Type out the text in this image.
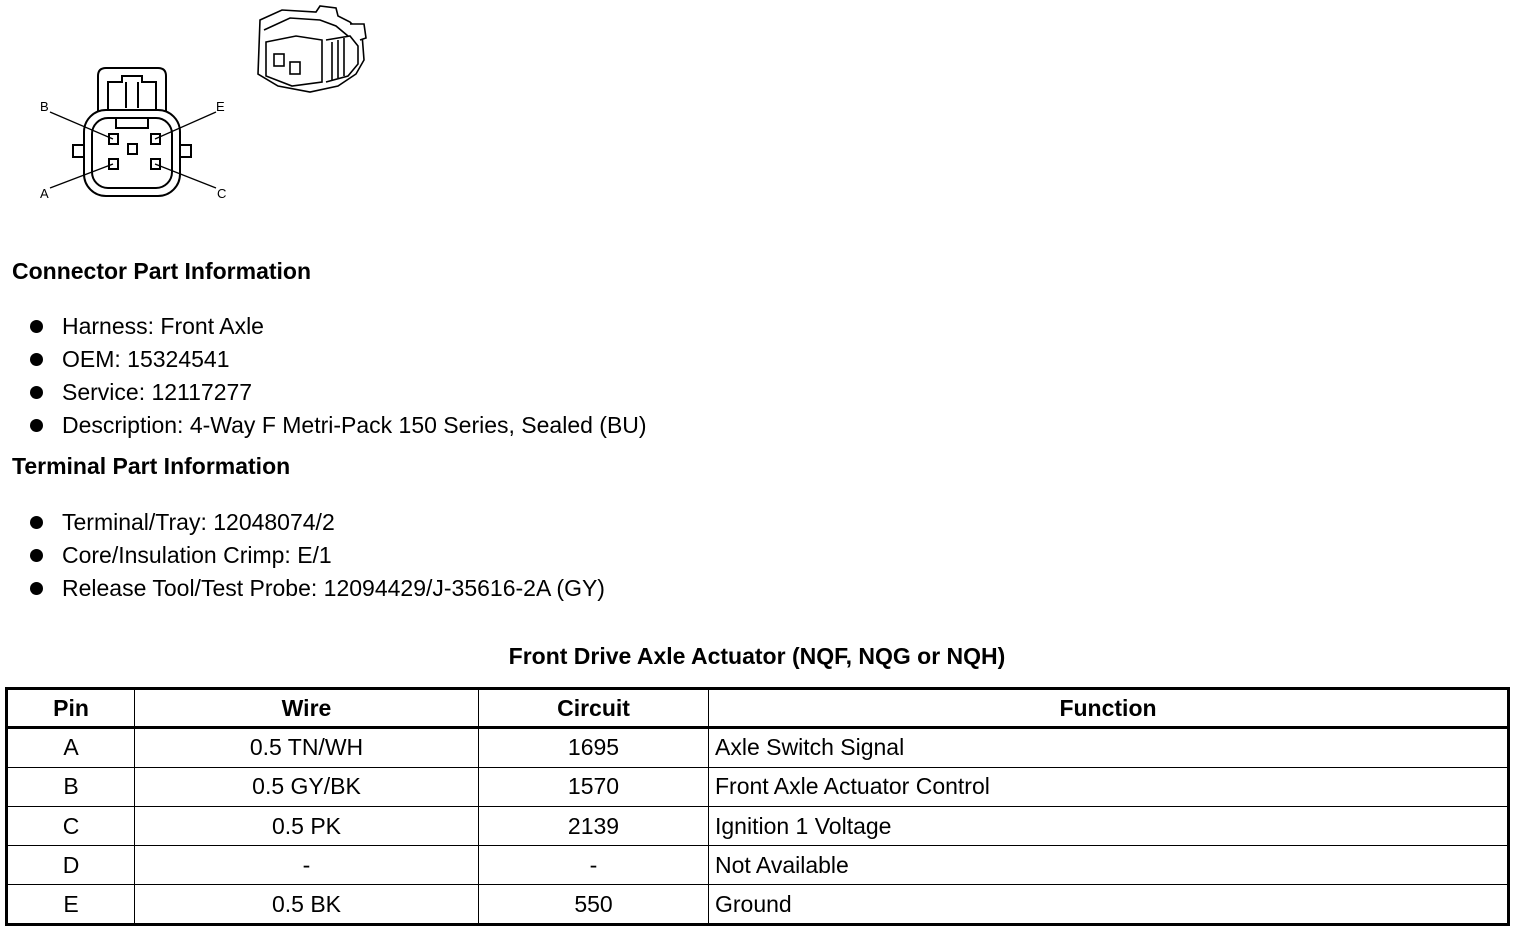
B	E
A	C
Connector Part Information
Harness: Front Axle
OEM: 15324541
Service: 12117277
Description: 4-Way F Metri-Pack 150 Series, Sealed (BU)
Terminal Part Information
Terminal/Tray: 12048074/2
Core/Insulation Crimp: E/1
Release Tool/Test Probe: 12094429/J-35616-2A (GY)
Front Drive Axle Actuator (NQF, NQG or NQH)
Pin	Wire	Circuit	Function
A	0.5 TN/WH	1695	Axle Switch Signal
B	0.5 GY/BK	1570	Front Axle Actuator Control
C	0.5 PK	2139	Ignition 1 Voltage
D	-	-	Not Available
E	0.5 BK	550	Ground
